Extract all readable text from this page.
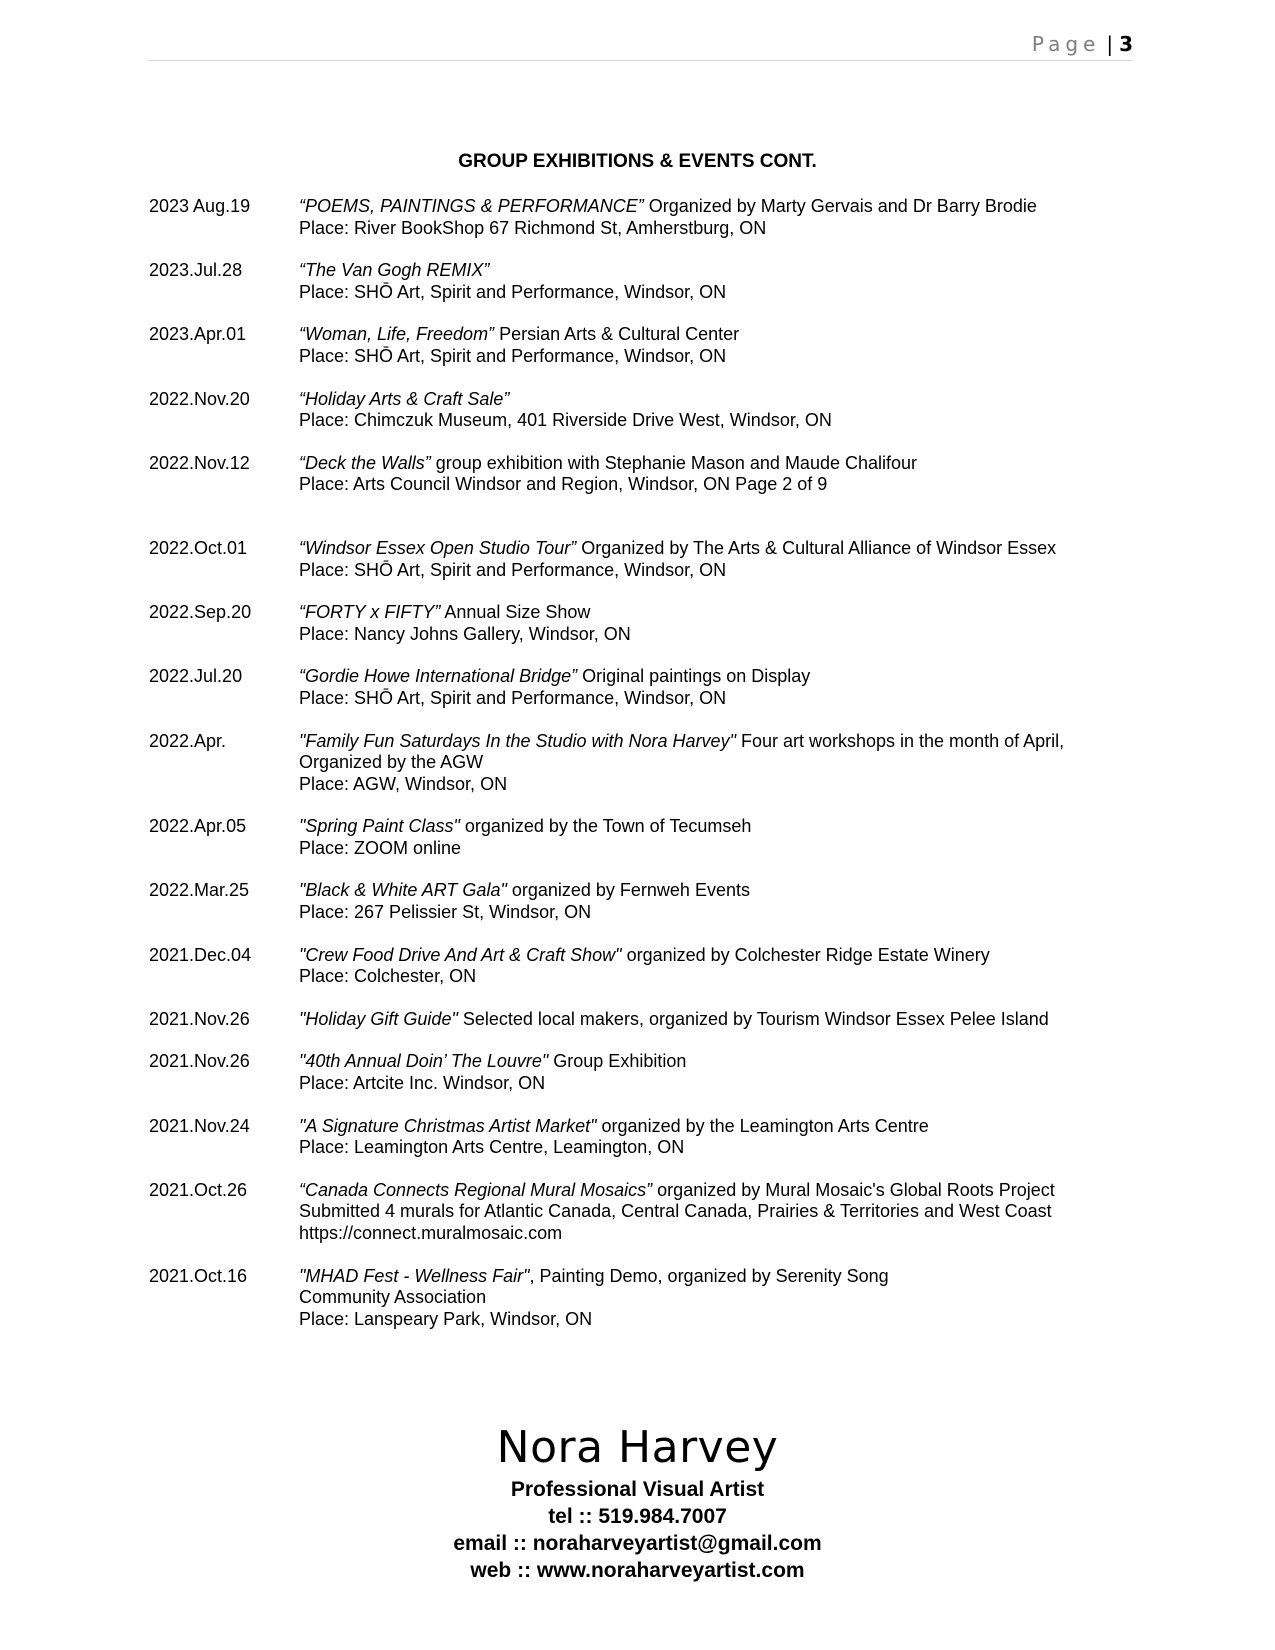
Page | 3
GROUP EXHIBITIONS & EVENTS CONT.
2023 Aug.19	“POEMS, PAINTINGS & PERFORMANCE” Organized by Marty Gervais and Dr Barry Brodie
Place: River BookShop 67 Richmond St, Amherstburg, ON
2023.Jul.28	“The Van Gogh REMIX”
Place: SHŌ Art, Spirit and Performance, Windsor, ON
2023.Apr.01	“Woman, Life, Freedom” Persian Arts & Cultural Center
Place: SHŌ Art, Spirit and Performance, Windsor, ON
2022.Nov.20	“Holiday Arts & Craft Sale”
Place: Chimczuk Museum, 401 Riverside Drive West, Windsor, ON
2022.Nov.12	“Deck the Walls” group exhibition with Stephanie Mason and Maude Chalifour
Place: Arts Council Windsor and Region, Windsor, ON Page 2 of 9
2022.Oct.01	“Windsor Essex Open Studio Tour” Organized by The Arts & Cultural Alliance of Windsor Essex
Place: SHŌ Art, Spirit and Performance, Windsor, ON
2022.Sep.20	“FORTY x FIFTY” Annual Size Show
Place: Nancy Johns Gallery, Windsor, ON
2022.Jul.20	“Gordie Howe International Bridge” Original paintings on Display
Place: SHŌ Art, Spirit and Performance, Windsor, ON
2022.Apr.	"Family Fun Saturdays In the Studio with Nora Harvey" Four art workshops in the month of April,
Organized by the AGW
Place: AGW, Windsor, ON
2022.Apr.05	"Spring Paint Class" organized by the Town of Tecumseh
Place: ZOOM online
2022.Mar.25	"Black & White ART Gala" organized by Fernweh Events
Place: 267 Pelissier St, Windsor, ON
2021.Dec.04	"Crew Food Drive And Art & Craft Show" organized by Colchester Ridge Estate Winery
Place: Colchester, ON
2021.Nov.26	"Holiday Gift Guide" Selected local makers, organized by Tourism Windsor Essex Pelee Island
2021.Nov.26	"40th Annual Doin’ The Louvre" Group Exhibition
Place: Artcite Inc. Windsor, ON
2021.Nov.24	"A Signature Christmas Artist Market" organized by the Leamington Arts Centre
Place: Leamington Arts Centre, Leamington, ON
2021.Oct.26	“Canada Connects Regional Mural Mosaics” organized by Mural Mosaic's Global Roots Project
Submitted 4 murals for Atlantic Canada, Central Canada, Prairies & Territories and West Coast
https://connect.muralmosaic.com
2021.Oct.16	"MHAD Fest - Wellness Fair", Painting Demo, organized by Serenity Song
Community Association
Place: Lanspeary Park, Windsor, ON
Nora Harvey
Professional Visual Artist
tel :: 519.984.7007
email :: noraharveyartist@gmail.com
web :: www.noraharveyartist.com
